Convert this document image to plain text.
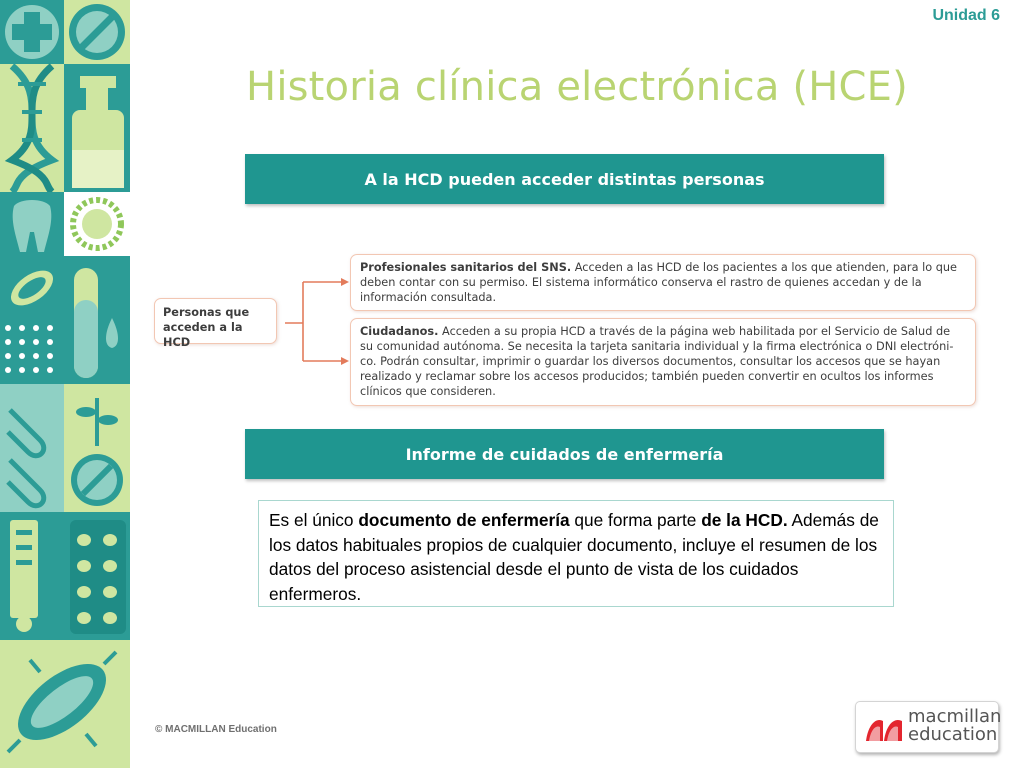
Unidad 6
Historia clínica electrónica (HCE)
A la HCD pueden acceder distintas personas
Personas que acceden a la HCD
Profesionales sanitarios del SNS. Acceden a las HCD de los pacientes a los que atienden, para lo que deben contar con su permiso. El sistema informático conserva el rastro de quienes accedan y de la información consultada.
Ciudadanos. Acceden a su propia HCD a través de la página web habilitada por el Servicio de Salud de su comunidad autónoma. Se necesita la tarjeta sanitaria individual y la firma electrónica o DNI electróni-co. Podrán consultar, imprimir o guardar los diversos documentos, consultar los accesos que se hayan realizado y reclamar sobre los accesos producidos; también pueden convertir en ocultos los informes clínicos que consideren.
Informe de cuidados de enfermería
Es el único documento de enfermería que forma parte de la HCD. Además de los datos habituales propios de cualquier documento, incluye el resumen de los datos del proceso asistencial desde el punto de vista de los cuidados enfermeros.
© MACMILLAN Education
macmillan
education
